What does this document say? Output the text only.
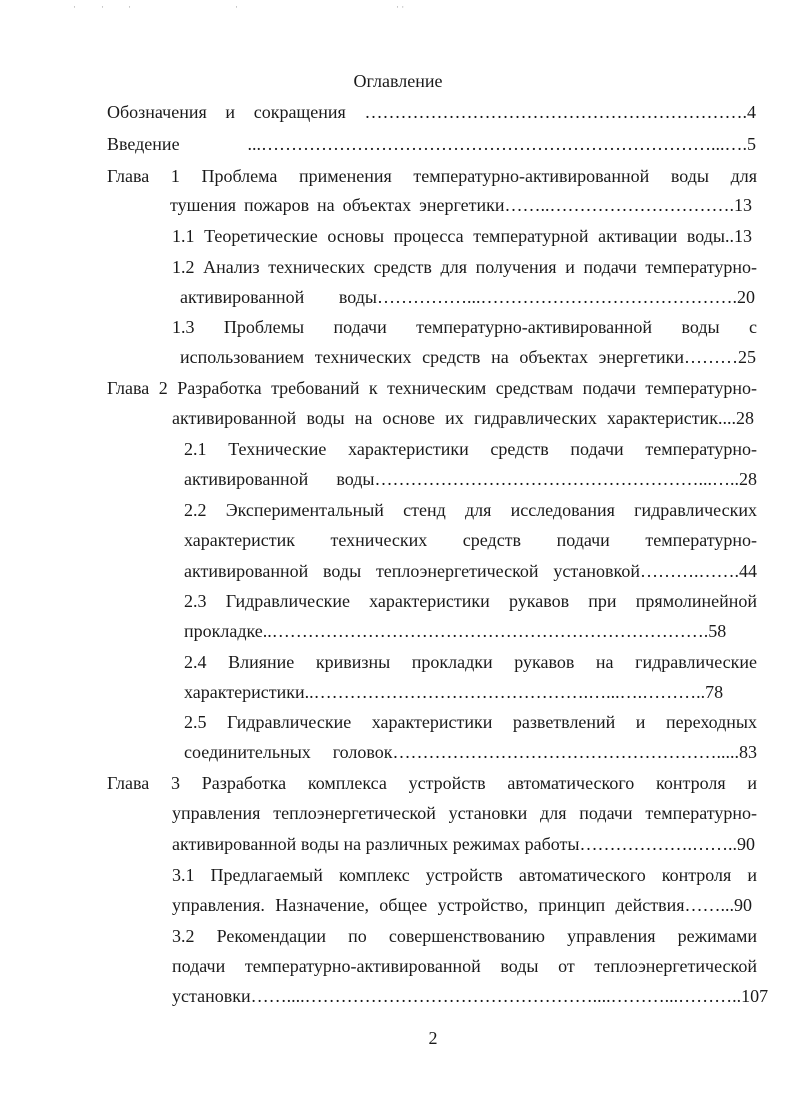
·	·	·	·	· ·

Оглавление

Обозначения и сокращения ……………………………………………………….4

Введение ...…………………………………………………………………...….5

Глава 1 Проблема применения температурно-активированной воды для

тушения пожаров на объектах энергетики……..………………………….13

1.1 Теоретические основы процесса температурной активации воды..13

1.2 Анализ технических средств для получения и подачи температурно-

активированной воды……………...…………………………………….20

1.3 Проблемы подачи температурно-активированной воды с

использованием технических средств на объектах энергетики………25

Глава 2 Разработка требований к техническим средствам подачи температурно-

активированной воды на основе их гидравлических характеристик....28

2.1 Технические характеристики средств подачи температурно-

активированной воды………………………………………………...…..28

2.2 Экспериментальный стенд для исследования гидравлических

характеристик технических средств подачи температурно-

активированной воды теплоэнергетической установкой……….…….44

2.3 Гидравлические характеристики рукавов при прямолинейной

прокладке..……………………………………………………………….58

2.4 Влияние кривизны прокладки рукавов на гидравлические

характеристики..……………………………………….…...….………..78

2.5 Гидравлические характеристики разветвлений и переходных

соединительных головок……………………………………………….....83

Глава 3 Разработка комплекса устройств автоматического контроля и

управления теплоэнергетической установки для подачи температурно-

активированной воды на различных режимах работы……………….……..90

3.1 Предлагаемый комплекс устройств автоматического контроля и

управления. Назначение, общее устройство, принцип действия……...90

3.2 Рекомендации по совершенствованию управления режимами

подачи температурно-активированной воды от теплоэнергетической

установки……....…………………………………………....………...………..107

2
